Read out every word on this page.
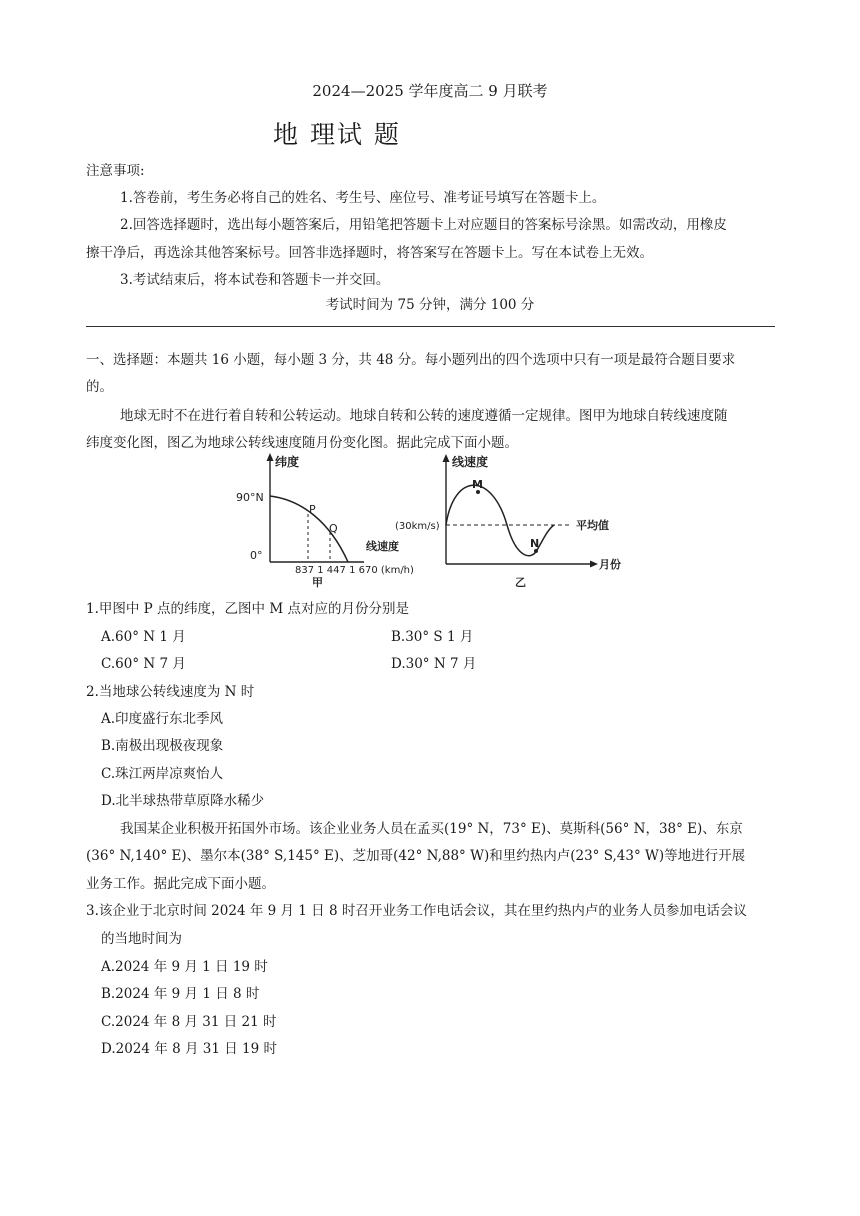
2024—2025 学年度高二 9 月联考
地 理试 题
注意事项:
1.答卷前，考生务必将自己的姓名、考生号、座位号、准考证号填写在答题卡上。
2.回答选择题时，选出每小题答案后，用铅笔把答题卡上对应题目的答案标号涂黑。如需改动，用橡皮
擦干净后，再选涂其他答案标号。回答非选择题时，将答案写在答题卡上。写在本试卷上无效。
3.考试结束后，将本试卷和答题卡一并交回。
考试时间为 75 分钟，满分 100 分
一、选择题：本题共 16 小题，每小题 3 分，共 48 分。每小题列出的四个选项中只有一项是最符合题目要求
的。
地球无时不在进行着自转和公转运动。地球自转和公转的速度遵循一定规律。图甲为地球自转线速度随
纬度变化图，图乙为地球公转线速度随月份变化图。据此完成下面小题。
纬度
90°N
0°
P
Q
线速度
837 1 447 1 670 (km/h)
甲
线速度
M
(30km/s)	平均值
N
月份
乙
1.甲图中 P 点的纬度，乙图中 M 点对应的月份分别是
A.60° N 1 月	B.30° S 1 月
C.60° N 7 月	D.30° N 7 月
2.当地球公转线速度为 N 时
A.印度盛行东北季风
B.南极出现极夜现象
C.珠江两岸凉爽怡人
D.北半球热带草原降水稀少
我国某企业积极开拓国外市场。该企业业务人员在孟买(19° N，73° E)、莫斯科(56° N，38° E)、东京
(36° N,140° E)、墨尔本(38° S,145° E)、芝加哥(42° N,88° W)和里约热内卢(23° S,43° W)等地进行开展
业务工作。据此完成下面小题。
3.该企业于北京时间 2024 年 9 月 1 日 8 时召开业务工作电话会议，其在里约热内卢的业务人员参加电话会议
的当地时间为
A.2024 年 9 月 1 日 19 时
B.2024 年 9 月 1 日 8 时
C.2024 年 8 月 31 日 21 时
D.2024 年 8 月 31 日 19 时
